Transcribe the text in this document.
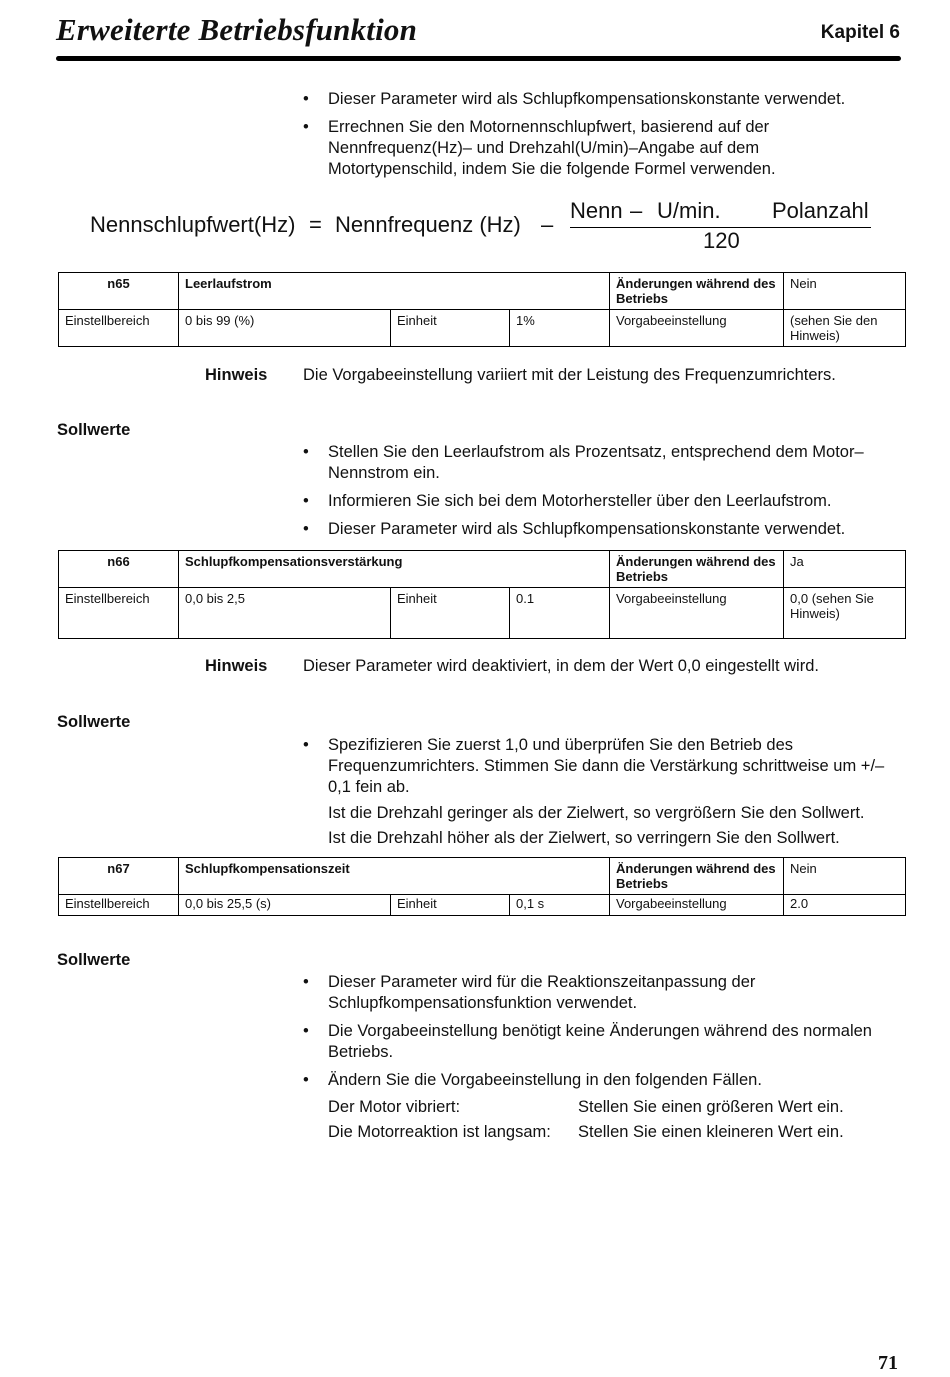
Erweiterte Betriebsfunktion	Kapitel 6
• Dieser Parameter wird als Schlupfkompensationskonstante verwendet.
• Errechnen Sie den Motornennschlupfwert, basierend auf der Nennfrequenz(Hz)– und Drehzahl(U/min)–Angabe auf dem Motortypenschild, indem Sie die folgende Formel verwenden.
Nennschlupfwert(Hz) = Nennfrequenz (Hz) –
Nenn – U/min. Polanzahl
120
n65	Leerlaufstrom			Änderungen während des Betriebs	Nein
Einstellbereich	0 bis 99 (%)	Einheit	1%	Vorgabeeinstellung	(sehen Sie den Hinweis)
Hinweis Die Vorgabeeinstellung variiert mit der Leistung des Frequenzumrichters.
Sollwerte
• Stellen Sie den Leerlaufstrom als Prozentsatz, entsprechend dem Motor–Nennstrom ein.
• Informieren Sie sich bei dem Motorhersteller über den Leerlaufstrom.
• Dieser Parameter wird als Schlupfkompensationskonstante verwendet.
n66	Schlupfkompensationsverstärkung			Änderungen während des Betriebs	Ja
Einstellbereich	0,0 bis 2,5	Einheit	0.1	Vorgabeeinstellung	0,0 (sehen Sie Hinweis)
Hinweis Dieser Parameter wird deaktiviert, in dem der Wert 0,0 eingestellt wird.
Sollwerte
• Spezifizieren Sie zuerst 1,0 und überprüfen Sie den Betrieb des Frequenzumrichters. Stimmen Sie dann die Verstärkung schrittweise um +/– 0,1 fein ab.
Ist die Drehzahl geringer als der Zielwert, so vergrößern Sie den Sollwert.
Ist die Drehzahl höher als der Zielwert, so verringern Sie den Sollwert.
n67	Schlupfkompensationszeit			Änderungen während des Betriebs	Nein
Einstellbereich	0,0 bis 25,5 (s)	Einheit	0,1 s	Vorgabeeinstellung	2.0
Sollwerte
• Dieser Parameter wird für die Reaktionszeitanpassung der Schlupfkompensationsfunktion verwendet.
• Die Vorgabeeinstellung benötigt keine Änderungen während des normalen Betriebs.
• Ändern Sie die Vorgabeeinstellung in den folgenden Fällen.
Der Motor vibriert:	Stellen Sie einen größeren Wert ein.
Die Motorreaktion ist langsam: Stellen Sie einen kleineren Wert ein.
71
